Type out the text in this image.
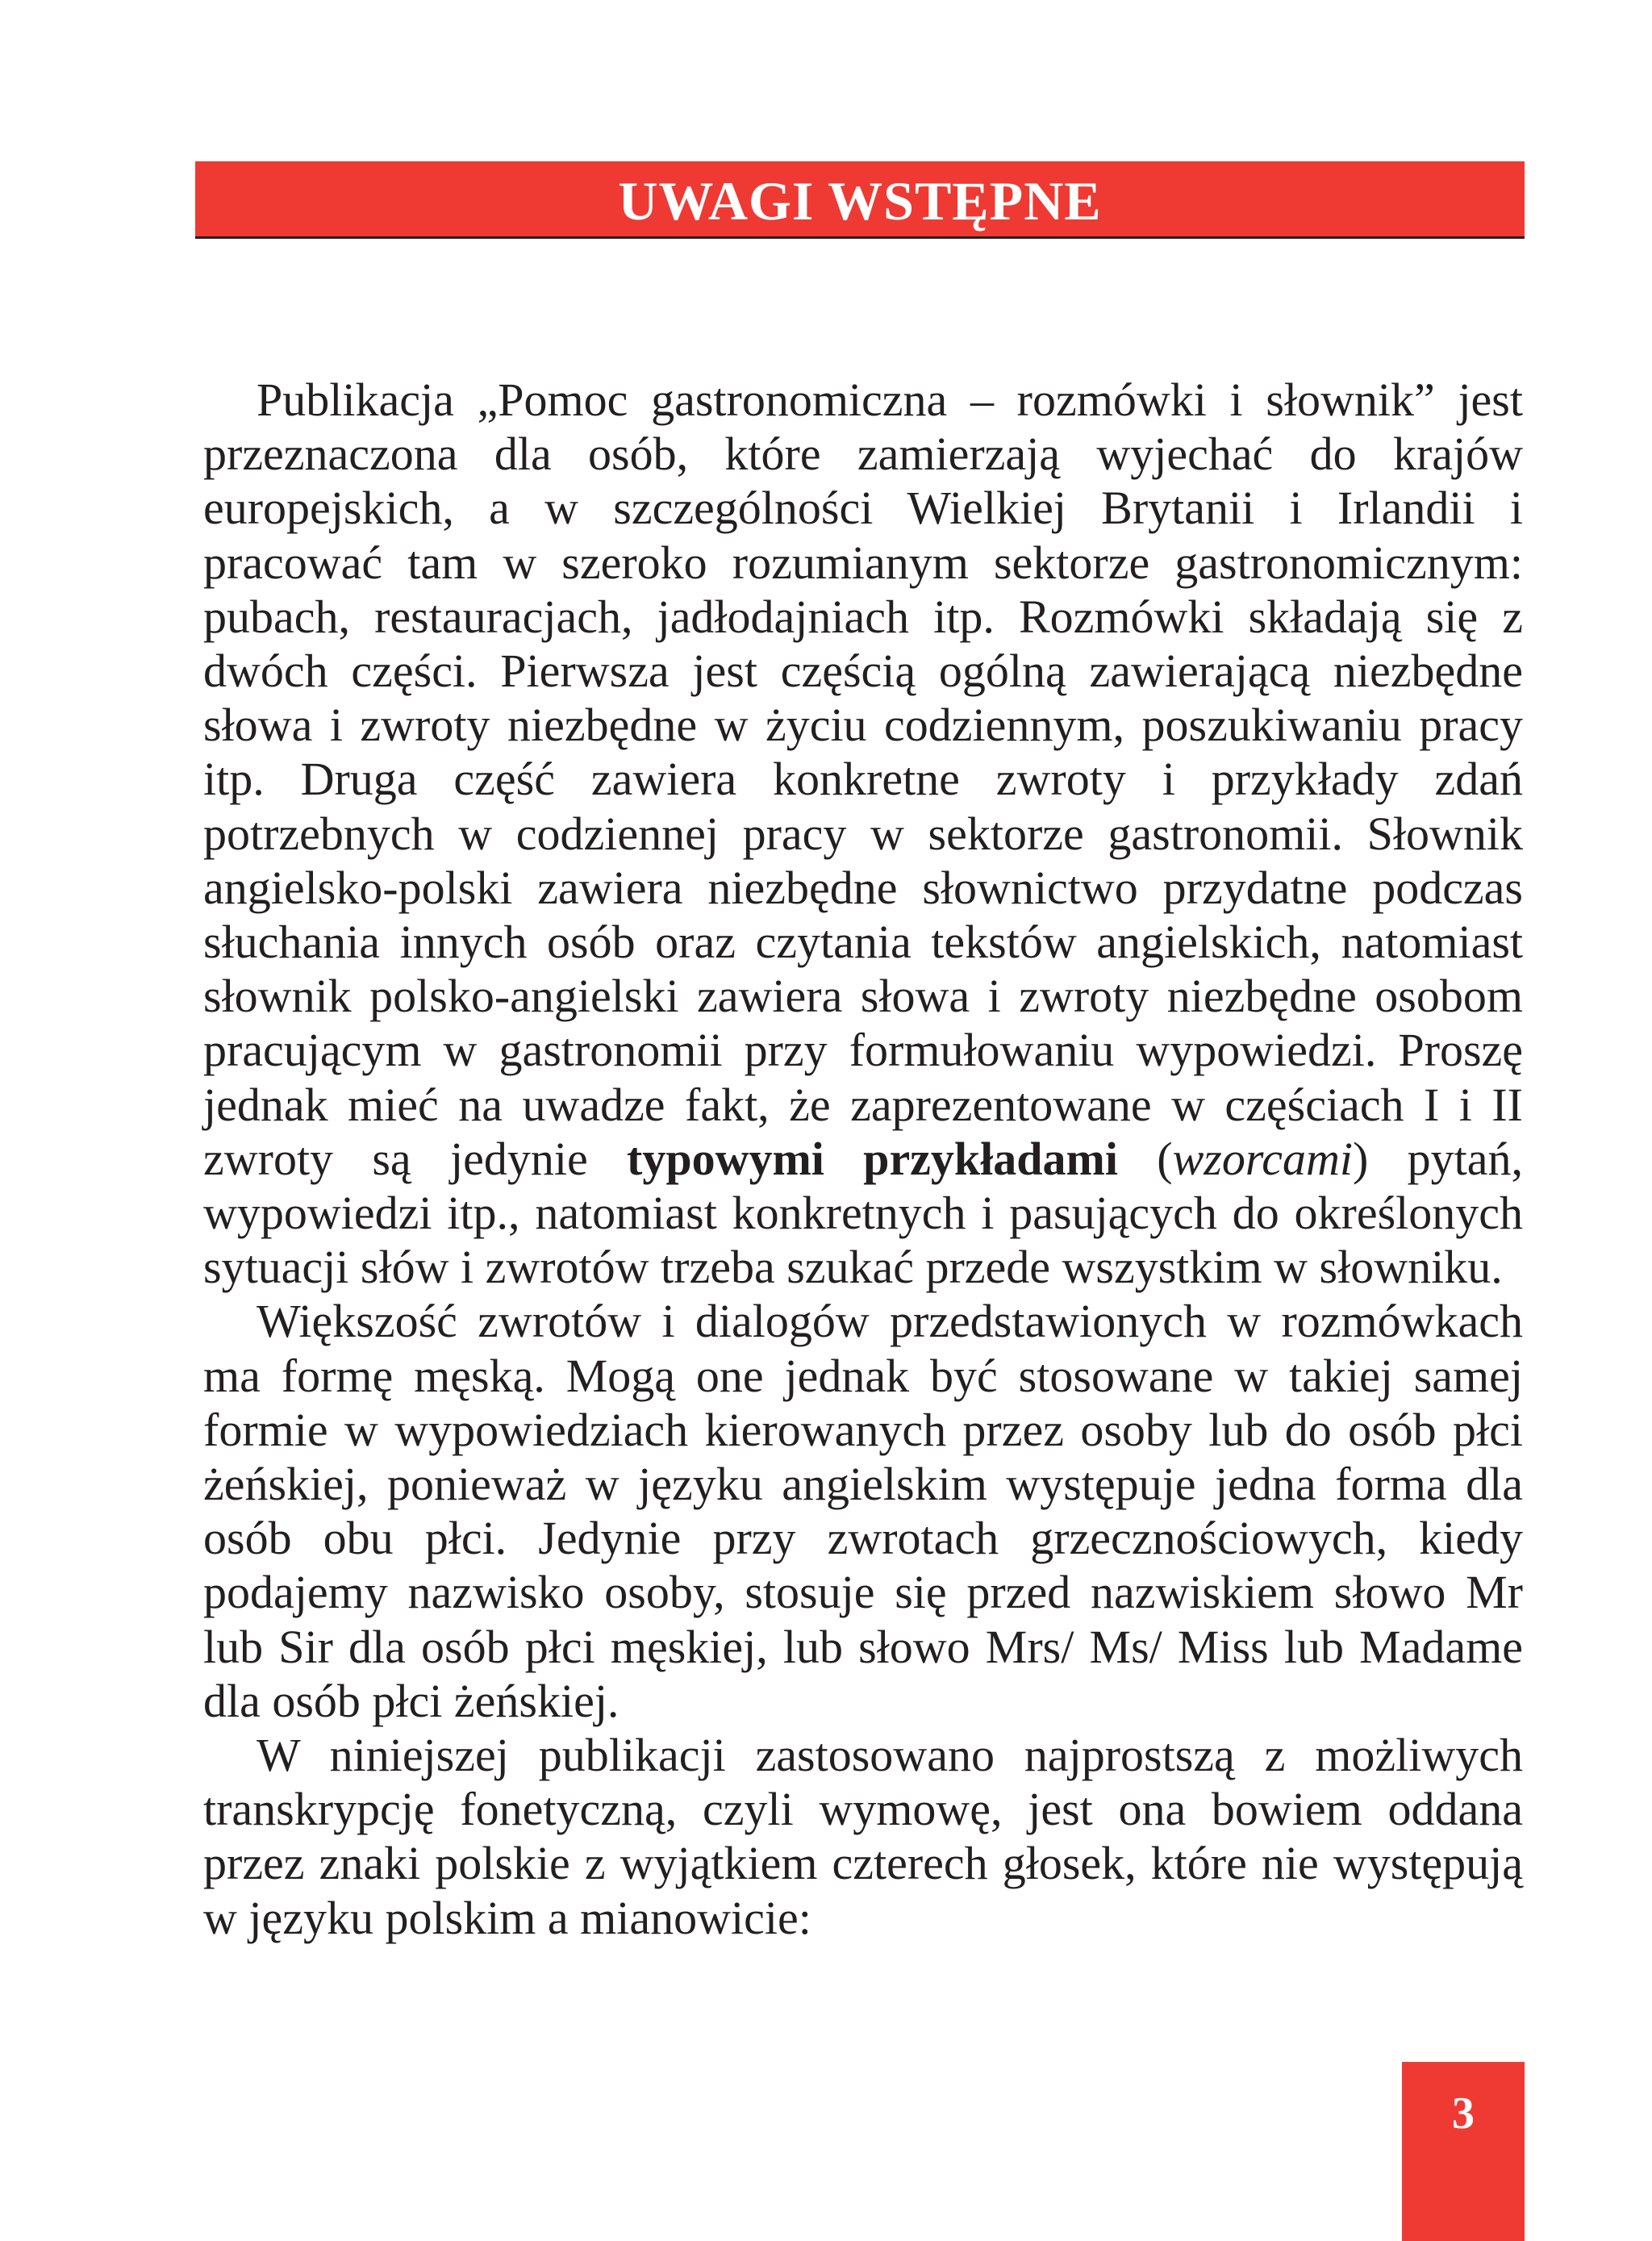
UWAGI WSTĘPNE

Publikacja „Pomoc gastronomiczna – rozmówki i słownik” jest przeznaczona dla osób, które zamierzają wyjechać do krajów europejskich, a w szczególności Wielkiej Brytanii i Irlandii i pracować tam w szeroko rozumianym sektorze gastronomicznym: pubach, restauracjach, jadłodajniach itp. Rozmówki składają się z dwóch części. Pierwsza jest częścią ogólną zawierającą niezbędne słowa i zwroty niezbędne w życiu codziennym, poszukiwaniu pracy itp. Druga część zawiera konkretne zwroty i przykłady zdań potrzebnych w codziennej pracy w sektorze gastronomii. Słownik angielsko-polski zawiera niezbędne słownictwo przydatne podczas słuchania innych osób oraz czytania tekstów angielskich, natomiast słownik polsko-angielski zawiera słowa i zwroty niezbędne osobom pracującym w gastronomii przy formułowaniu wypowiedzi. Proszę jednak mieć na uwadze fakt, że zaprezentowane w częściach I i II zwroty są jedynie typowymi przykładami (wzorcami) pytań, wypowiedzi itp., natomiast konkretnych i pasujących do określonych sytuacji słów i zwrotów trzeba szukać przede wszystkim w słowniku.

Większość zwrotów i dialogów przedstawionych w rozmówkach ma formę męską. Mogą one jednak być stosowane w takiej samej formie w wypowiedziach kierowanych przez osoby lub do osób płci żeńskiej, ponieważ w języku angielskim występuje jedna forma dla osób obu płci. Jedynie przy zwrotach grzecznościowych, kiedy podajemy nazwisko osoby, stosuje się przed nazwiskiem słowo Mr lub Sir dla osób płci męskiej, lub słowo Mrs/ Ms/ Miss lub Madame dla osób płci żeńskiej.

W niniejszej publikacji zastosowano najprostszą z możliwych transkrypcję fonetyczną, czyli wymowę, jest ona bowiem oddana przez znaki polskie z wyjątkiem czterech głosek, które nie występują w języku polskim a mianowicie:

3
